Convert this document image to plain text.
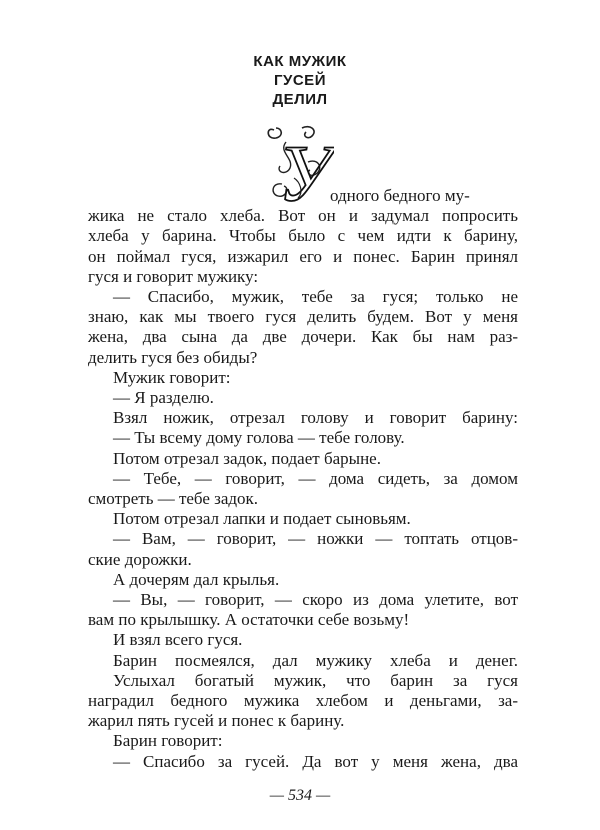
КАК МУЖИК
ГУСЕЙ
ДЕЛИЛ
У
одного бедного му-
жика не стало хлеба. Вот он и задумал попросить
хлеба у барина. Чтобы было с чем идти к барину,
он поймал гуся, изжарил его и понес. Барин принял
гуся и говорит мужику:
— Спасибо, мужик, тебе за гуся; только не
знаю, как мы твоего гуся делить будем. Вот у меня
жена, два сына да две дочери. Как бы нам раз-
делить гуся без обиды?
Мужик говорит:
— Я разделю.
Взял ножик, отрезал голову и говорит барину:
— Ты всему дому голова — тебе голову.
Потом отрезал задок, подает барыне.
— Тебе, — говорит, — дома сидеть, за домом
смотреть — тебе задок.
Потом отрезал лапки и подает сыновьям.
— Вам, — говорит, — ножки — топтать отцов-
ские дорожки.
А дочерям дал крылья.
— Вы, — говорит, — скоро из дома улетите, вот
вам по крылышку. А остаточки себе возьму!
И взял всего гуся.
Барин посмеялся, дал мужику хлеба и денег.
Услыхал богатый мужик, что барин за гуся
наградил бедного мужика хлебом и деньгами, за-
жарил пять гусей и понес к барину.
Барин говорит:
— Спасибо за гусей. Да вот у меня жена, два
— 534 —
